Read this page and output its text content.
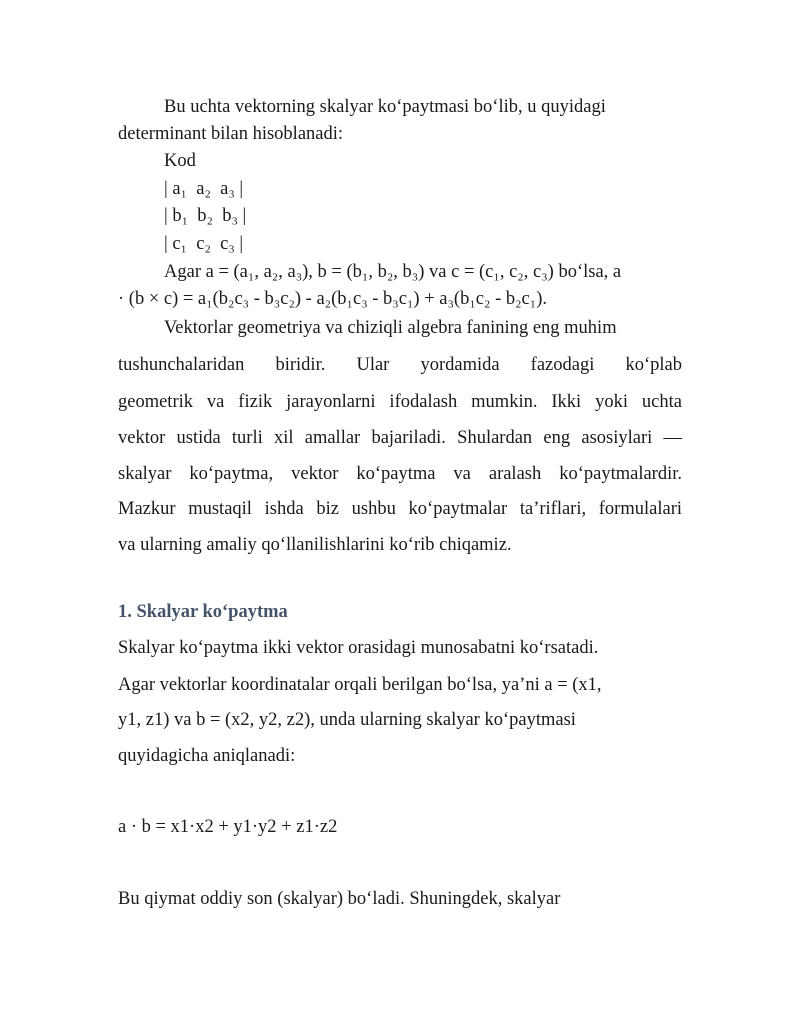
Bu uchta vektorning skalyar ko‘paytmasi bo‘lib, u quyidagi
determinant bilan hisoblanadi:
Kod
| a₁  a₂  a₃ |
| b₁  b₂  b₃ |
| c₁  c₂  c₃ |
Agar a = (a₁, a₂, a₃), b = (b₁, b₂, b₃) va c = (c₁, c₂, c₃) bo‘lsa, a
· (b × c) = a₁(b₂c₃ - b₃c₂) - a₂(b₁c₃ - b₃c₁) + a₃(b₁c₂ - b₂c₁).
Vektorlar geometriya va chiziqli algebra fanining eng muhim
tushunchalaridan biridir. Ular yordamida fazodagi ko‘plab
geometrik va fizik jarayonlarni ifodalash mumkin. Ikki yoki uchta
vektor ustida turli xil amallar bajariladi. Shulardan eng asosiylari —
skalyar ko‘paytma, vektor ko‘paytma va aralash ko‘paytmalardir.
Mazkur mustaqil ishda biz ushbu ko‘paytmalar ta’riflari, formulalari
va ularning amaliy qo‘llanilishlarini ko‘rib chiqamiz.
1. Skalyar ko‘paytma
Skalyar ko‘paytma ikki vektor orasidagi munosabatni ko‘rsatadi.
Agar vektorlar koordinatalar orqali berilgan bo‘lsa, ya’ni a = (x1,
y1, z1) va b = (x2, y2, z2), unda ularning skalyar ko‘paytmasi
quyidagicha aniqlanadi:
a · b = x1·x2 + y1·y2 + z1·z2
Bu qiymat oddiy son (skalyar) bo‘ladi. Shuningdek, skalyar
